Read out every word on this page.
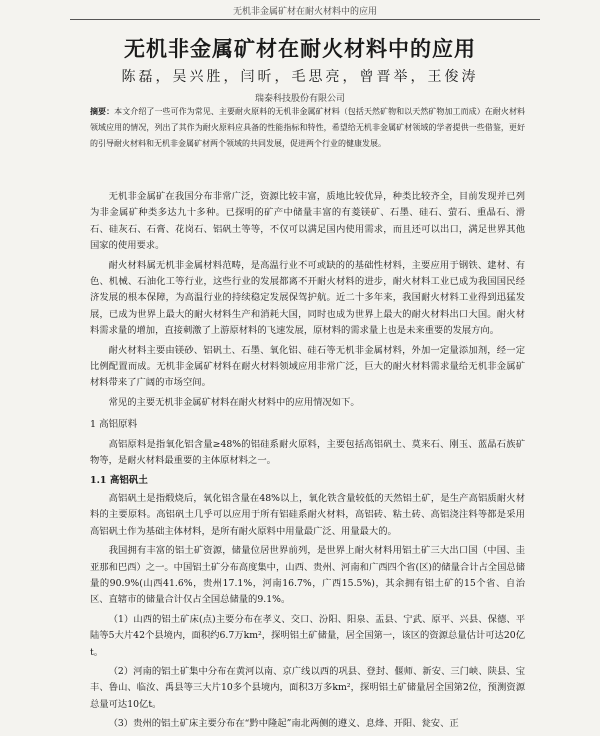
无机非金属矿材在耐火材料中的应用
无机非金属矿材在耐火材料中的应用
陈磊，吴兴胜，闫昕，毛思亮，曾晋举，王俊涛
瑞泰科技股份有限公司
摘要：本文介绍了一些可作为常见、主要耐火原料的无机非金属矿材料（包括天然矿物和以天然矿物加工而成）在耐火材料领域应用的情况，列出了其作为耐火原料应具备的性能指标和特性，希望给无机非金属矿材领域的学者提供一些借鉴，更好的引导耐火材料和无机非金属矿材两个领域的共同发展，促进两个行业的健康发展。

无机非金属矿在我国分布非常广泛，资源比较丰富，质地比较优异，种类比较齐全，目前发现并已列为非金属矿种类多达九十多种。已探明的矿产中储量丰富的有菱镁矿、石墨、硅石、萤石、重晶石、滑石、硅灰石、石膏、花岗石、铝矾土等等，不仅可以满足国内使用需求，而且还可以出口，满足世界其他国家的使用要求。

耐火材料属无机非金属材料范畴，是高温行业不可或缺的的基础性材料，主要应用于钢铁、建材、有色、机械、石油化工等行业，这些行业的发展都离不开耐火材料的进步，耐火材料工业已成为我国国民经济发展的根本保障，为高温行业的持续稳定发展保驾护航。近二十多年来，我国耐火材料工业得到迅猛发展，已成为世界上最大的耐火材料生产和消耗大国，同时也成为世界上最大的耐火材料出口大国。耐火材料需求量的增加，直接刺激了上游原材料的飞速发展，原材料的需求量上也是未来重要的发展方向。

耐火材料主要由镁砂、铝矾土、石墨、氧化铝、硅石等无机非金属材料，外加一定量添加剂，经一定比例配置而成。无机非金属矿材料在耐火材料领域应用非常广泛，巨大的耐火材料需求量给无机非金属矿材料带来了广阔的市场空间。

常见的主要无机非金属矿材料在耐火材料中的应用情况如下。

1 高铝原料

高铝原料是指氧化铝含量≥48%的铝硅系耐火原料，主要包括高铝矾土、莫来石、刚玉、蓝晶石族矿物等，是耐火材料最重要的主体原材料之一。

1.1 高铝矾土

高铝矾土是指煅烧后，氧化铝含量在48%以上，氧化铁含量较低的天然铝土矿，是生产高铝质耐火材料的主要原料。高铝矾土几乎可以应用于所有铝硅系耐火材料，高铝砖、粘土砖、高铝浇注料等都是采用高铝矾土作为基础主体材料，是所有耐火原料中用量最广泛、用量最大的。

我国拥有丰富的铝土矿资源，储量位居世界前列，是世界上耐火材料用铝土矿三大出口国（中国、圭亚那和巴西）之一。中国铝土矿分布高度集中，山西、贵州、河南和广西四个省(区)的储量合计占全国总储量的90.9%(山西41.6%，贵州17.1%，河南16.7%，广西15.5%)，其余拥有铝土矿的15个省、自治区、直辖市的储量合计仅占全国总储量的9.1%。

（1）山西的铝土矿床(点)主要分布在孝义、交口、汾阳、阳泉、盂县、宁武、原平、兴县、保德、平陆等5大片42个县境内，面积约6.7万km²，探明铝土矿储量，居全国第一，该区的资源总量估计可达20亿t。

（2）河南的铝土矿集中分布在黄河以南、京广线以西的巩县、登封、偃师、新安、三门峡、陕县、宝丰、鲁山、临汝、禹县等三大片10多个县境内，面积3万多km²，探明铝土矿储量居全国第2位，预测资源总量可达10亿t。

（3）贵州的铝土矿床主要分布在“黔中隆起”南北两侧的遵义、息烽、开阳、瓮安、正
